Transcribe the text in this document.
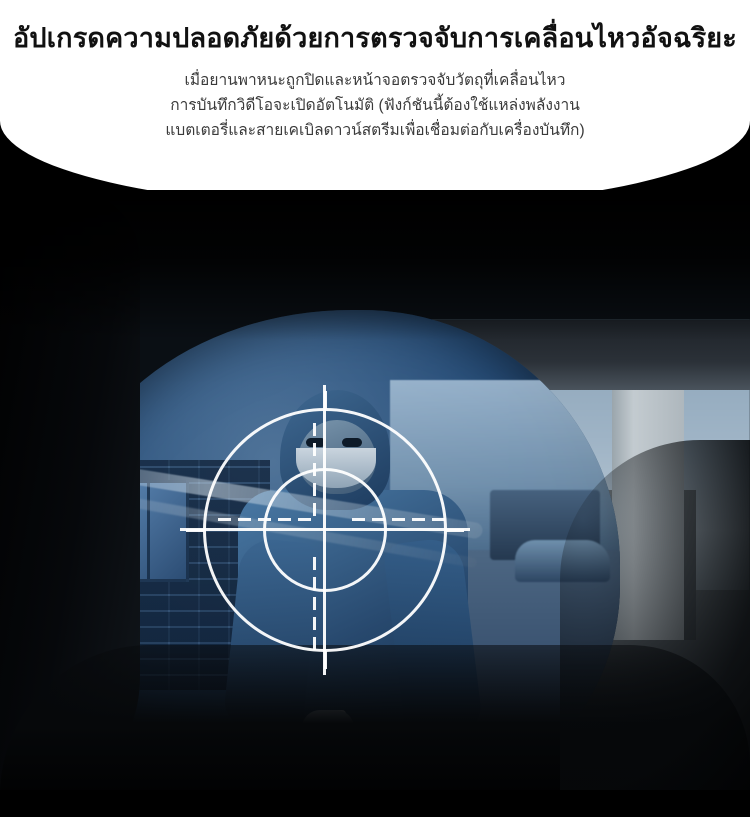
อัปเกรดความปลอดภัยด้วยการตรวจจับการเคลื่อนไหวอัจฉริยะ
เมื่อยานพาหนะถูกปิดและหน้าจอตรวจจับวัตถุที่เคลื่อนไหว
การบันทึกวิดีโอจะเปิดอัตโนมัติ (ฟังก์ชันนี้ต้องใช้แหล่งพลังงาน
แบตเตอรี่และสายเคเบิลดาวน์สตรีมเพื่อเชื่อมต่อกับเครื่องบันทึก)
